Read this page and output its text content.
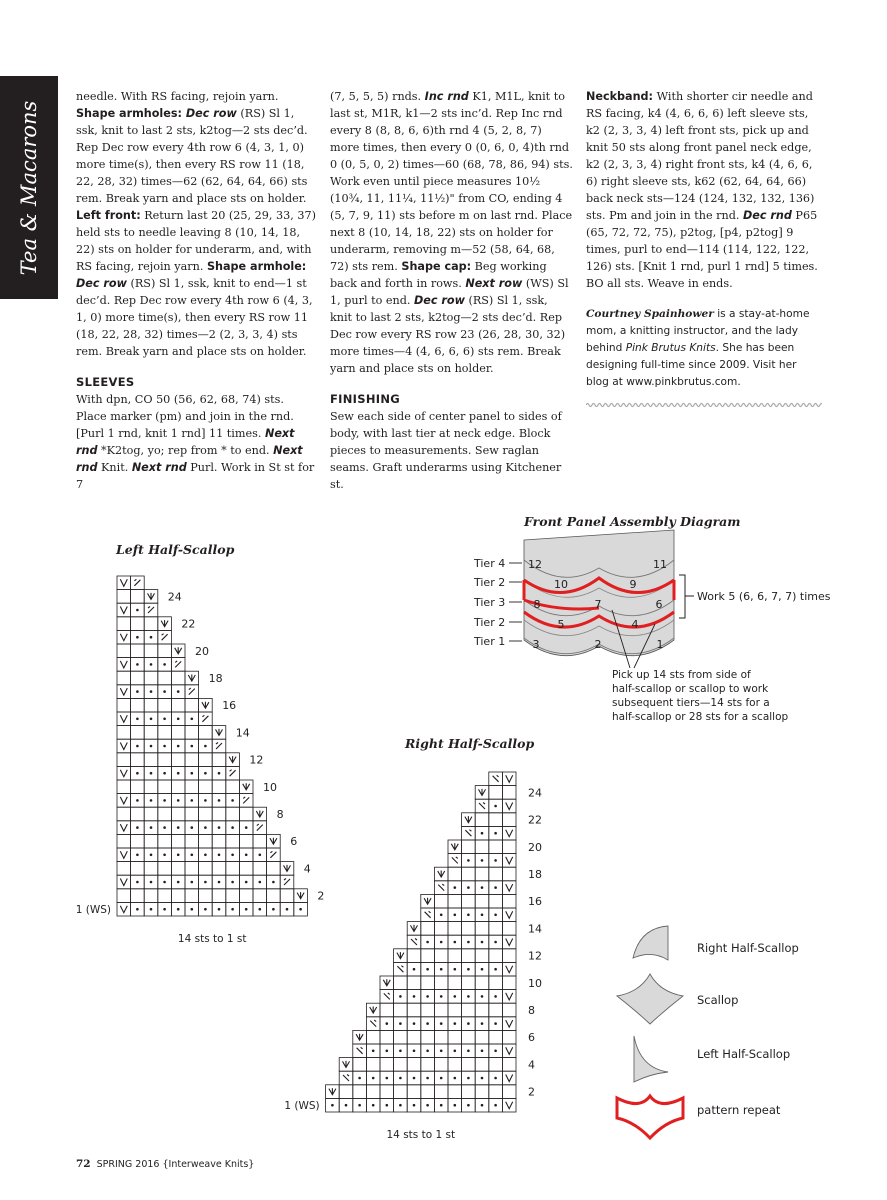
Tea & Macarons

needle. With RS facing, rejoin yarn. Shape armholes: Dec row (RS) Sl 1, ssk, knit to last 2 sts, k2tog—2 sts dec’d. Rep Dec row every 4th row 6 (4, 3, 1, 0) more time(s), then every RS row 11 (18, 22, 28, 32) times—62 (62, 64, 64, 66) sts rem. Break yarn and place sts on holder. Left front: Return last 20 (25, 29, 33, 37) held sts to needle leaving 8 (10, 14, 18, 22) sts on holder for underarm, and, with RS facing, rejoin yarn. Shape armhole: Dec row (RS) Sl 1, ssk, knit to end—1 st dec’d. Rep Dec row every 4th row 6 (4, 3, 1, 0) more time(s), then every RS row 11 (18, 22, 28, 32) times—2 (2, 3, 3, 4) sts rem. Break yarn and place sts on holder.

SLEEVES

With dpn, CO 50 (56, 62, 68, 74) sts. Place marker (pm) and join in the rnd. [Purl 1 rnd, knit 1 rnd] 11 times. Next rnd *K2tog, yo; rep from * to end. Next rnd Knit. Next rnd Purl. Work in St st for 7

(7, 5, 5, 5) rnds. Inc rnd K1, M1L, knit to last st, M1R, k1—2 sts inc’d. Rep Inc rnd every 8 (8, 8, 6, 6)th rnd 4 (5, 2, 8, 7) more times, then every 0 (0, 6, 0, 4)th rnd 0 (0, 5, 0, 2) times—60 (68, 78, 86, 94) sts. Work even until piece measures 10½ (10¾, 11, 11¼, 11½)" from CO, ending 4 (5, 7, 9, 11) sts before m on last rnd. Place next 8 (10, 14, 18, 22) sts on holder for underarm, removing m—52 (58, 64, 68, 72) sts rem. Shape cap: Beg working back and forth in rows. Next row (WS) Sl 1, purl to end. Dec row (RS) Sl 1, ssk, knit to last 2 sts, k2tog—2 sts dec’d. Rep Dec row every RS row 23 (26, 28, 30, 32) more times—4 (4, 6, 6, 6) sts rem. Break yarn and place sts on holder.

FINISHING

Sew each side of center panel to sides of body, with last tier at neck edge. Block pieces to measurements. Sew raglan seams. Graft underarms using Kitchener st.

Neckband: With shorter cir needle and RS facing, k4 (4, 6, 6, 6) left sleeve sts, k2 (2, 3, 3, 4) left front sts, pick up and knit 50 sts along front panel neck edge, k2 (2, 3, 3, 4) right front sts, k4 (4, 6, 6, 6) right sleeve sts, k62 (62, 64, 64, 66) back neck sts—124 (124, 132, 132, 136) sts. Pm and join in the rnd. Dec rnd P65 (65, 72, 72, 75), p2tog, [p4, p2tog] 9 times, purl to end—114 (114, 122, 122, 126) sts. [Knit 1 rnd, purl 1 rnd] 5 times. BO all sts. Weave in ends.

Courtney Spainhower is a stay-at-home mom, a knitting instructor, and the lady behind Pink Brutus Knits. She has been designing full-time since 2009. Visit her blog at www.pinkbrutus.com.

Left Half-Scallop
Right Half-Scallop
Front Panel Assembly Diagram
2
4
6
8
10
12
14
16
18
20
22
24
1 (WS)
14 sts to 1 st
2
4
6
8
10
12
14
16
18
20
22
24
1 (WS)
14 sts to 1 st
Tier 4
Tier 2
Tier 3
Tier 2
Tier 1
12	11
10	9
8	7	6
5	4
3	2	1
Work 5 (6, 6, 7, 7) times
Pick up 14 sts from side of
half-scallop or scallop to work
subsequent tiers—14 sts for a
half-scallop or 28 sts for a scallop
Right Half-Scallop
Scallop
Left Half-Scallop
pattern repeat
72 SPRING 2016 {Interweave Knits}
